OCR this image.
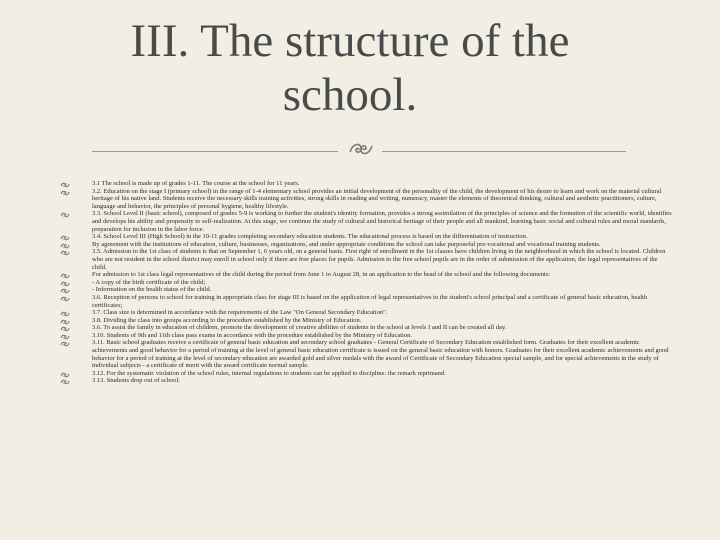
III. The structure of the school.
3.1 The school is made up of grades 1-11. The course at the school for 11 years.
3.2. Education on the stage I (primary school) in the range of 1-4 elementary school provides an initial development of the personality of the child, the development of his desire to learn and work on the material cultural heritage of his native land. Students receive the necessary skills training activities, strong skills in reading and writing, numeracy, master the elements of theoretical thinking, cultural and aesthetic practitioners, culture, language and behavior, the principles of personal hygiene, healthy lifestyle.
3.3. School Level II (basic school), composed of grades 5-9 is working to further the student's identity formation, provides a strong assimilation of the principles of science and the formation of the scientific world, identifies and develops his ability and propensity to self-realization. At this stage, we continue the study of cultural and historical heritage of their people and all mankind, learning basic social and cultural rules and moral standards, preparation for inclusion in the labor force.
3.4. School Level III (High School) in the 10-11 grades completing secondary education students. The educational process is based on the differentiation of instruction.
By agreement with the institutions of education, culture, businesses, organizations, and under appropriate conditions the school can take purposeful pre-vocational and vocational training students.
3.5. Admission to the 1st class of students is that on September 1, 6 years old, on a general basis. First right of enrollment in the 1st classes have children living in the neighborhood in which the school is located. Children who are not resident in the school district may enroll in school only if there are free places for pupils. Admission to the free school pupils are in the order of submission of the application, the legal representatives of the child.
For admission to 1st class legal representatives of the child during the period from June 1 to August 28, in an application to the head of the school and the following documents:
- A copy of the birth certificate of the child;
- Information on the health status of the child.
3.6. Reception of persons to school for training in appropriate class for stage III is based on the application of legal representatives to the student's school principal and a certificate of general basic education, health certificates;
3.7. Class size is determined in accordance with the requirements of the Law "On General Secondary Education".
3.8. Dividing the class into groups according to the procedure established by the Ministry of Education.
3.6. To assist the family in education of children, promote the development of creative abilities of students in the school at levels I and II can be created all day.
3.10. Students of 9th and 11th class pass exams in accordance with the procedure established by the Ministry of Education.
3.11. Basic school graduates receive a certificate of general basic education and secondary school graduates - General Certificate of Secondary Education established form. Graduates for their excellent academic achievements and good behavior for a period of training at the level of general basic education certificate is issued on the general basic education with honors. Graduates for their excellent academic achievements and good behavior for a period of training at the level of secondary education are awarded gold and silver medals with the award of Certificate of Secondary Education special sample, and for special achievements in the study of individual subjects - a certificate of merit with the award certificate normal sample.
3.12. For the systematic violation of the school rules, internal regulations to students can be applied to discipline: the remark reprimand.
3.13. Students drop out of school:
